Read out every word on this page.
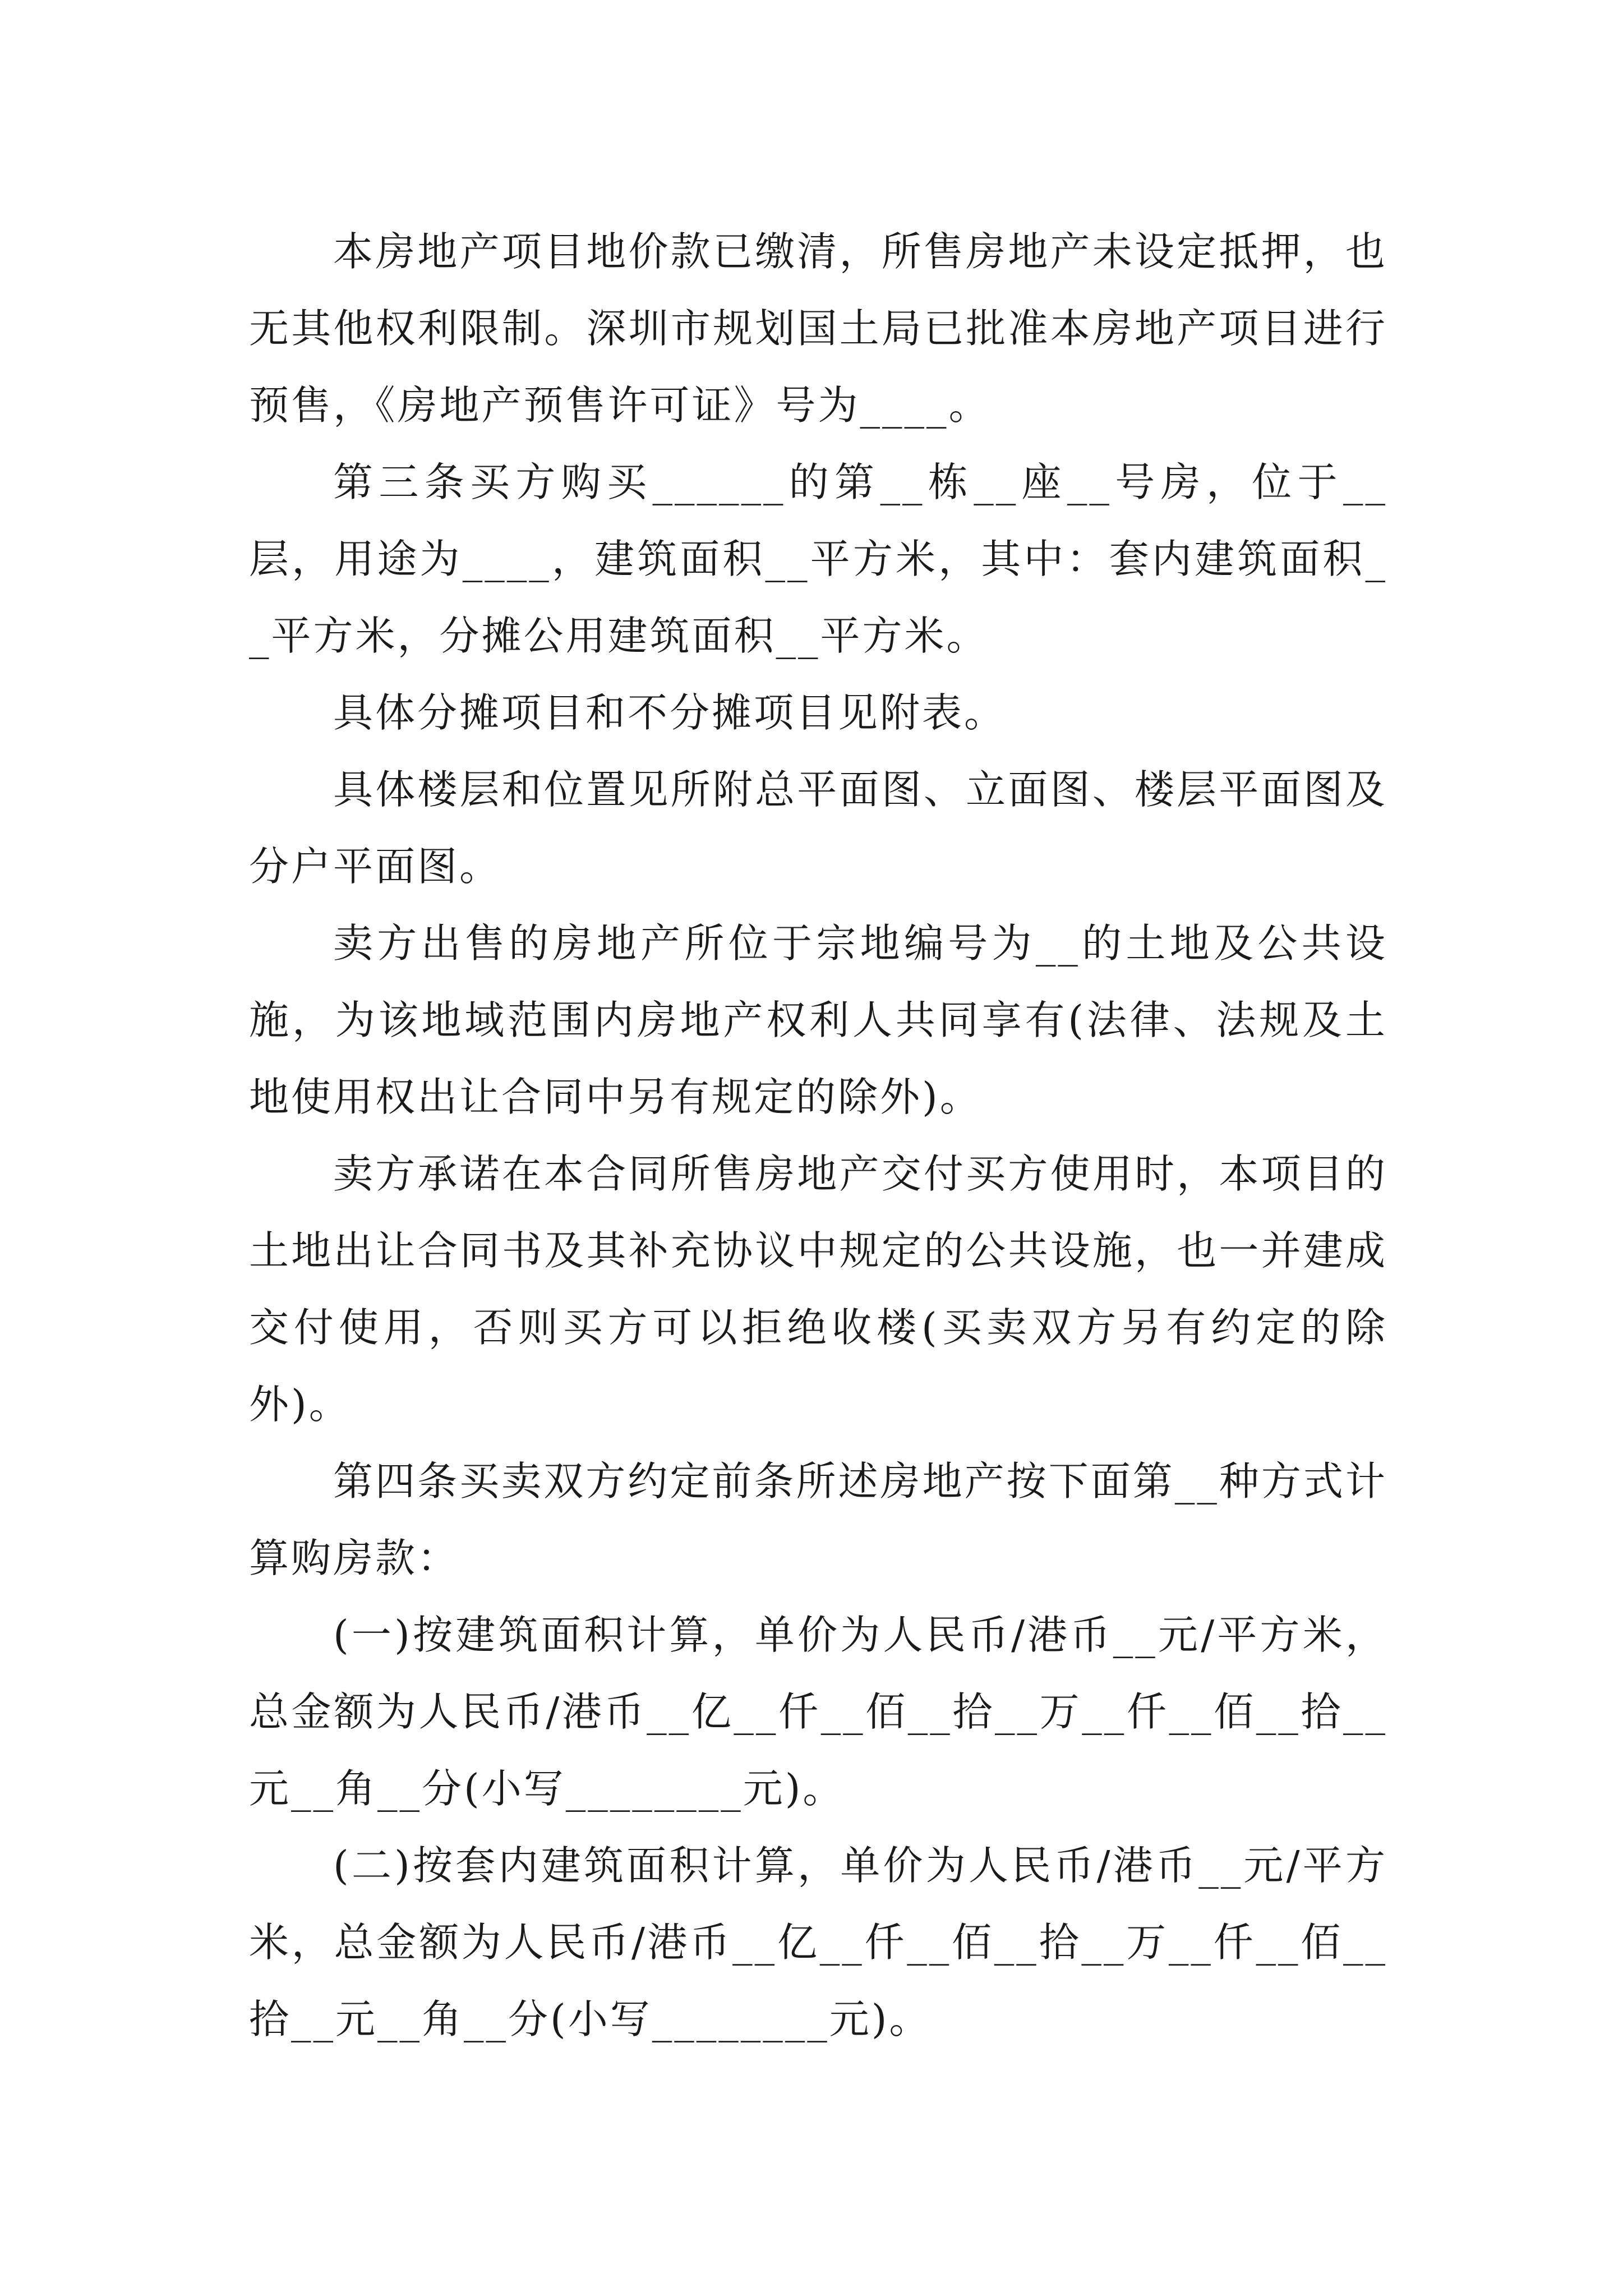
本房地产项目地价款已缴清，所售房地产未设定抵押，也无其他权利限制。深圳市规划国土局已批准本房地产项目进行预售，《房地产预售许可证》号为____。

第三条买方购买______的第__栋__座__号房，位于__层，用途为____，建筑面积__平方米，其中：套内建筑面积__平方米，分摊公用建筑面积__平方米。

具体分摊项目和不分摊项目见附表。

具体楼层和位置见所附总平面图、立面图、楼层平面图及分户平面图。

卖方出售的房地产所位于宗地编号为__的土地及公共设施，为该地域范围内房地产权利人共同享有(法律、法规及土地使用权出让合同中另有规定的除外)。

卖方承诺在本合同所售房地产交付买方使用时，本项目的土地出让合同书及其补充协议中规定的公共设施，也一并建成交付使用，否则买方可以拒绝收楼(买卖双方另有约定的除外)。

第四条买卖双方约定前条所述房地产按下面第__种方式计算购房款：

(一)按建筑面积计算，单价为人民币/港币__元/平方米，总金额为人民币/港币__亿__仟__佰__拾__万__仟__佰__拾__元__角__分(小写________元)。

(二)按套内建筑面积计算，单价为人民币/港币__元/平方米，总金额为人民币/港币__亿__仟__佰__拾__万__仟__佰__拾__元__角__分(小写________元)。
